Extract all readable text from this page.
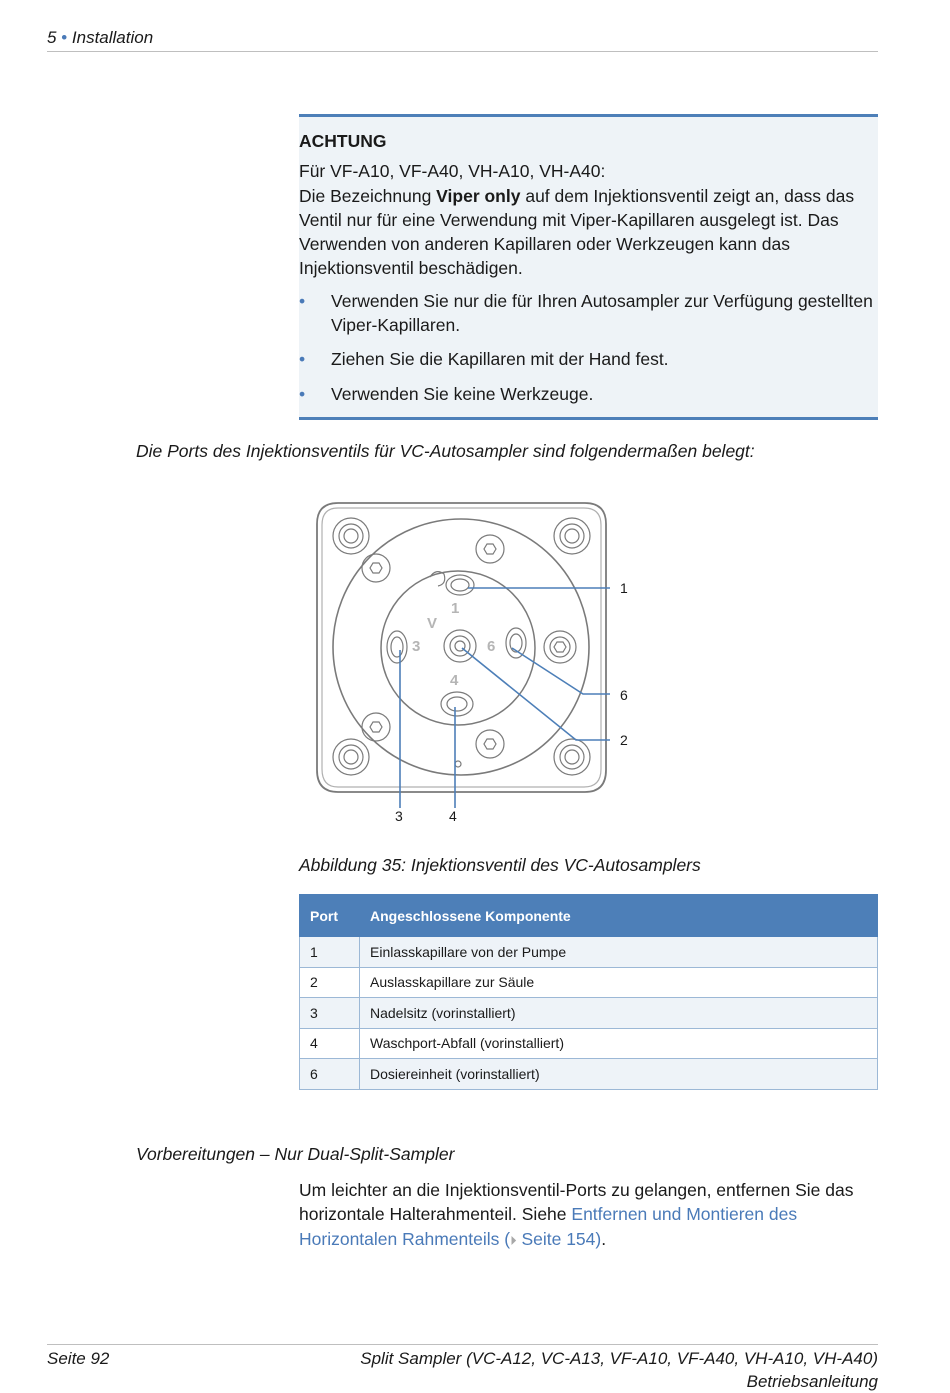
5 • Installation
ACHTUNG

Für VF-A10, VF-A40, VH-A10, VH-A40:

Die Bezeichnung Viper only auf dem Injektionsventil zeigt an, dass das Ventil nur für eine Verwendung mit Viper-Kapillaren ausgelegt ist. Das Verwenden von anderen Kapillaren oder Werkzeugen kann das Injektionsventil beschädigen.

• Verwenden Sie nur die für Ihren Autosampler zur Verfügung gestellten Viper-Kapillaren.
• Ziehen Sie die Kapillaren mit der Hand fest.
• Verwenden Sie keine Werkzeuge.
Die Ports des Injektionsventils für VC-Autosampler sind folgendermaßen belegt:
V
1
3	6
4
1
6
2
3	4
Abbildung 35: Injektionsventil des VC-Autosamplers
Port	Angeschlossene Komponente
1	Einlasskapillare von der Pumpe
2	Auslasskapillare zur Säule
3	Nadelsitz (vorinstalliert)
4	Waschport-Abfall (vorinstalliert)
6	Dosiereinheit (vorinstalliert)
Vorbereitungen – Nur Dual-Split-Sampler
Um leichter an die Injektionsventil-Ports zu gelangen, entfernen Sie das horizontale Halterahmenteil. Siehe Entfernen und Montieren des Horizontalen Rahmenteils (⏵ Seite 154).
Seite 92	Split Sampler (VC-A12, VC-A13, VF-A10, VF-A40, VH-A10, VH-A40)
Betriebsanleitung
